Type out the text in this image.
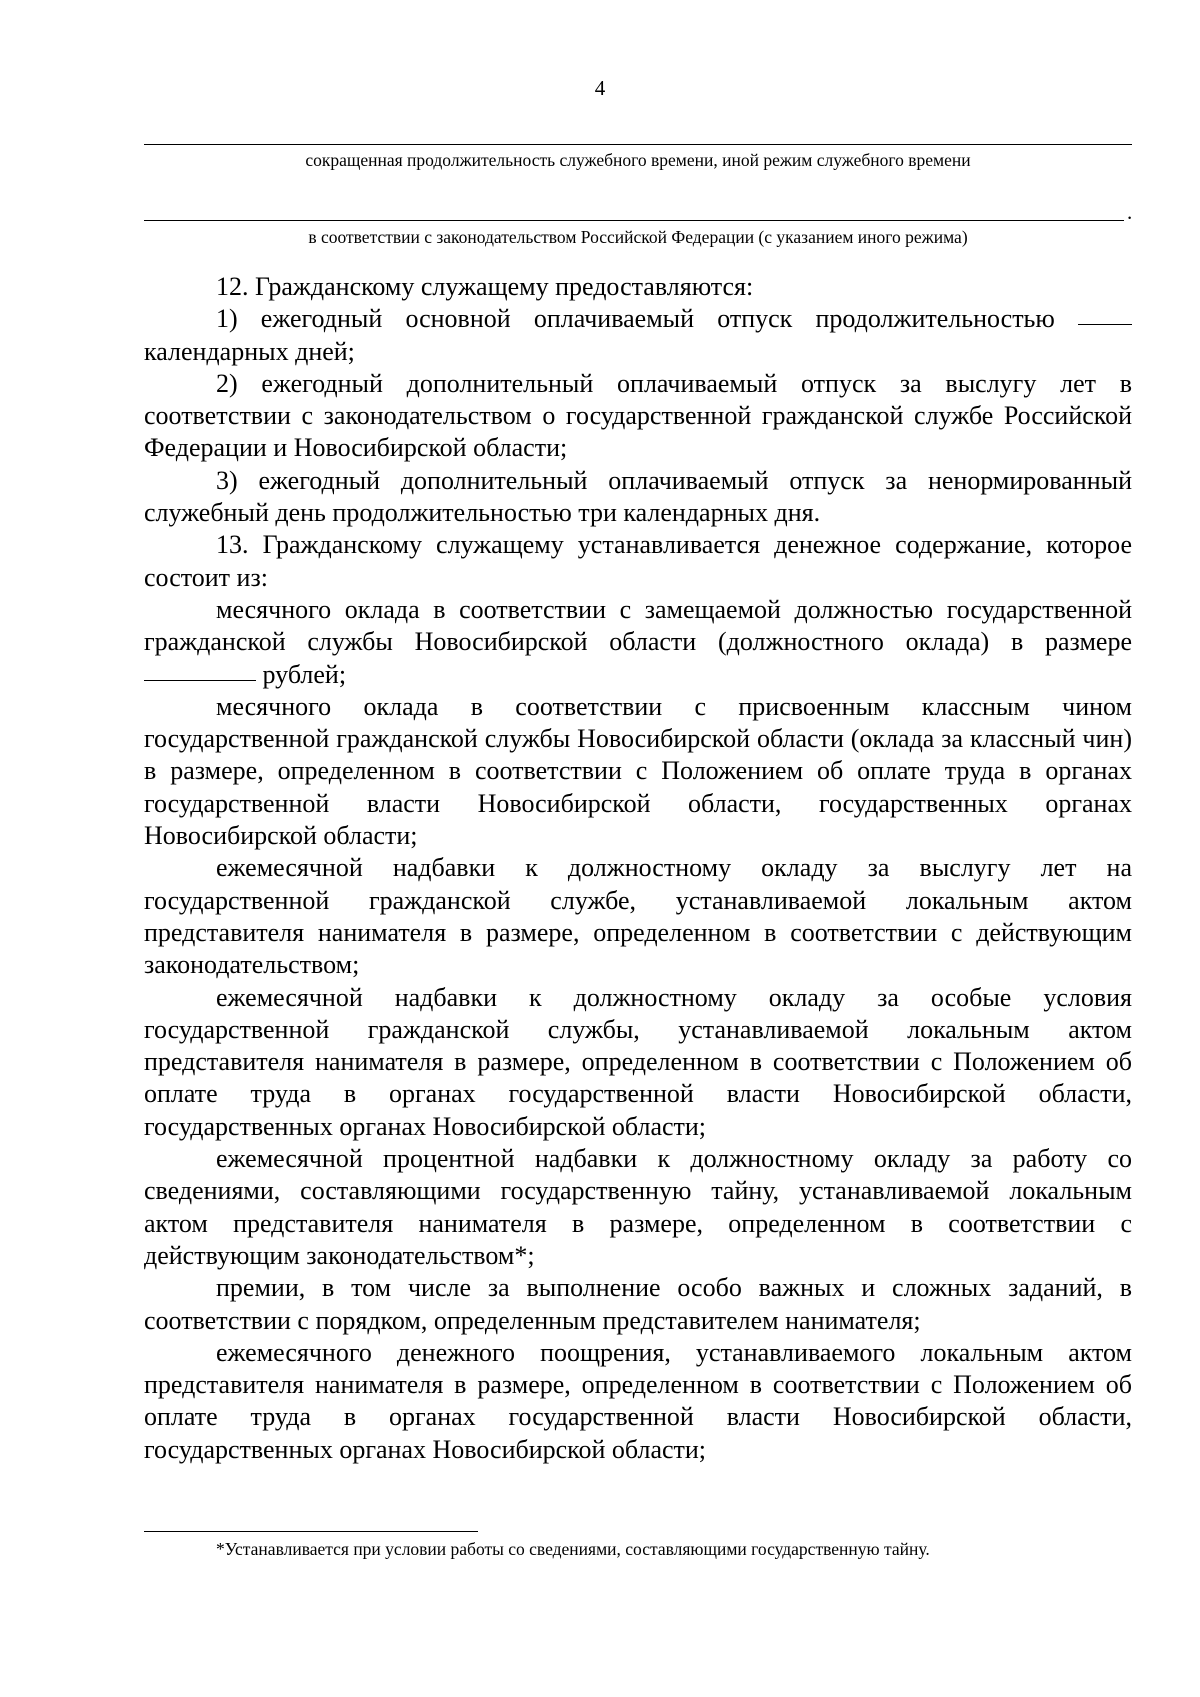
4
сокращенная продолжительность служебного времени, иной режим служебного времени
.
в соответствии с законодательством Российской Федерации (с указанием иного режима)

12. Гражданскому служащему предоставляются:

1) ежегодный основной оплачиваемый отпуск продолжительностью  календарных дней;

2) ежегодный дополнительный оплачиваемый отпуск за выслугу лет в соответствии с законодательством о государственной гражданской службе Российской Федерации и Новосибирской области;

3) ежегодный дополнительный оплачиваемый отпуск за ненормированный служебный день продолжительностью три календарных дня.

13. Гражданскому служащему устанавливается денежное содержание, которое состоит из:

месячного оклада в соответствии с замещаемой должностью государственной гражданской службы Новосибирской области (должностного оклада) в размере  рублей;

месячного оклада в соответствии с присвоенным классным чином государственной гражданской службы Новосибирской области (оклада за классный чин) в размере, определенном в соответствии с Положением об оплате труда в органах государственной власти Новосибирской области, государственных органах Новосибирской области;

ежемесячной надбавки к должностному окладу за выслугу лет на государственной гражданской службе, устанавливаемой локальным актом представителя нанимателя в размере, определенном в соответствии с действующим законодательством;

ежемесячной надбавки к должностному окладу за особые условия государственной гражданской службы, устанавливаемой локальным актом представителя нанимателя в размере, определенном в соответствии с Положением об оплате труда в органах государственной власти Новосибирской области, государственных органах Новосибирской области;

ежемесячной процентной надбавки к должностному окладу за работу со сведениями, составляющими государственную тайну, устанавливаемой локальным актом представителя нанимателя в размере, определенном в соответствии с действующим законодательством*;

премии, в том числе за выполнение особо важных и сложных заданий, в соответствии с порядком, определенным представителем нанимателя;

ежемесячного денежного поощрения, устанавливаемого локальным актом представителя нанимателя в размере, определенном в соответствии с Положением об оплате труда в органах государственной власти Новосибирской области, государственных органах Новосибирской области;

*Устанавливается при условии работы со сведениями, составляющими государственную тайну.
